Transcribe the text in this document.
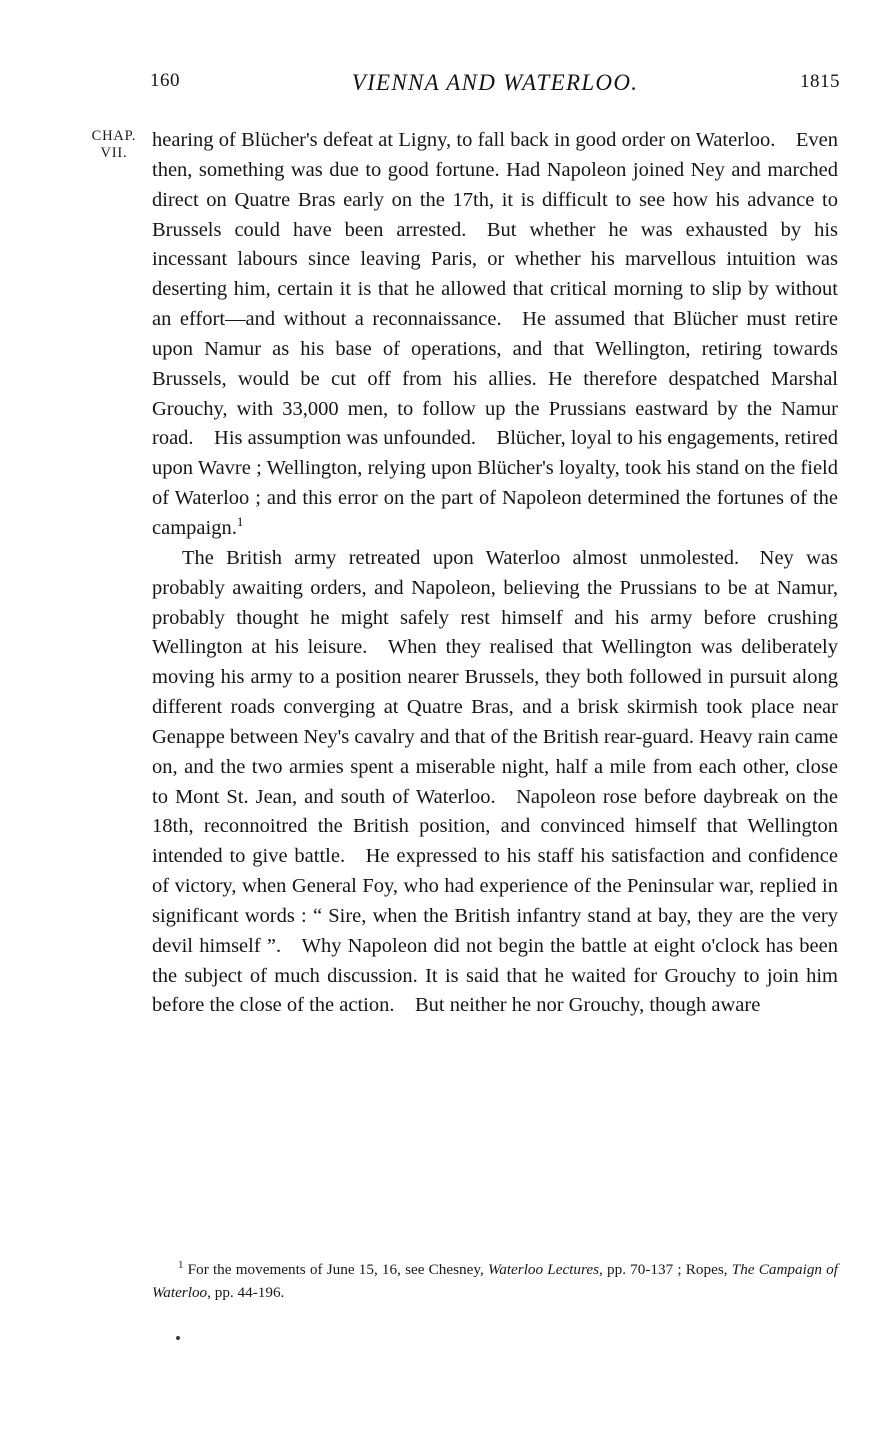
160	VIENNA AND WATERLOO.	1815
CHAP.
VII.

hearing of Blücher's defeat at Ligny, to fall back in good order on Waterloo. Even then, something was due to good fortune. Had Napoleon joined Ney and marched direct on Quatre Bras early on the 17th, it is difficult to see how his advance to Brussels could have been arrested. But whether he was exhausted by his incessant labours since leaving Paris, or whether his marvellous intuition was deserting him, certain it is that he allowed that critical morning to slip by without an effort—and without a reconnaissance. He assumed that Blücher must retire upon Namur as his base of operations, and that Wellington, retiring towards Brussels, would be cut off from his allies. He therefore despatched Marshal Grouchy, with 33,000 men, to follow up the Prussians eastward by the Namur road. His assumption was unfounded. Blücher, loyal to his engagements, retired upon Wavre ; Wellington, relying upon Blücher's loyalty, took his stand on the field of Waterloo ; and this error on the part of Napoleon determined the fortunes of the campaign.$^1$

The British army retreated upon Waterloo almost unmolested. Ney was probably awaiting orders, and Napoleon, believing the Prussians to be at Namur, probably thought he might safely rest himself and his army before crushing Wellington at his leisure. When they realised that Wellington was deliberately moving his army to a position nearer Brussels, they both followed in pursuit along different roads converging at Quatre Bras, and a brisk skirmish took place near Genappe between Ney's cavalry and that of the British rear-guard. Heavy rain came on, and the two armies spent a miserable night, half a mile from each other, close to Mont St. Jean, and south of Waterloo. Napoleon rose before daybreak on the 18th, reconnoitred the British position, and convinced himself that Wellington intended to give battle. He expressed to his staff his satisfaction and confidence of victory, when General Foy, who had experience of the Peninsular war, replied in significant words : “ Sire, when the British infantry stand at bay, they are the very devil himself ”. Why Napoleon did not begin the battle at eight o'clock has been the subject of much discussion. It is said that he waited for Grouchy to join him before the close of the action. But neither he nor Grouchy, though aware

$^1$ For the movements of June 15, 16, see Chesney, Waterloo Lectures, pp. 70-137 ; Ropes, The Campaign of Waterloo, pp. 44-196.
